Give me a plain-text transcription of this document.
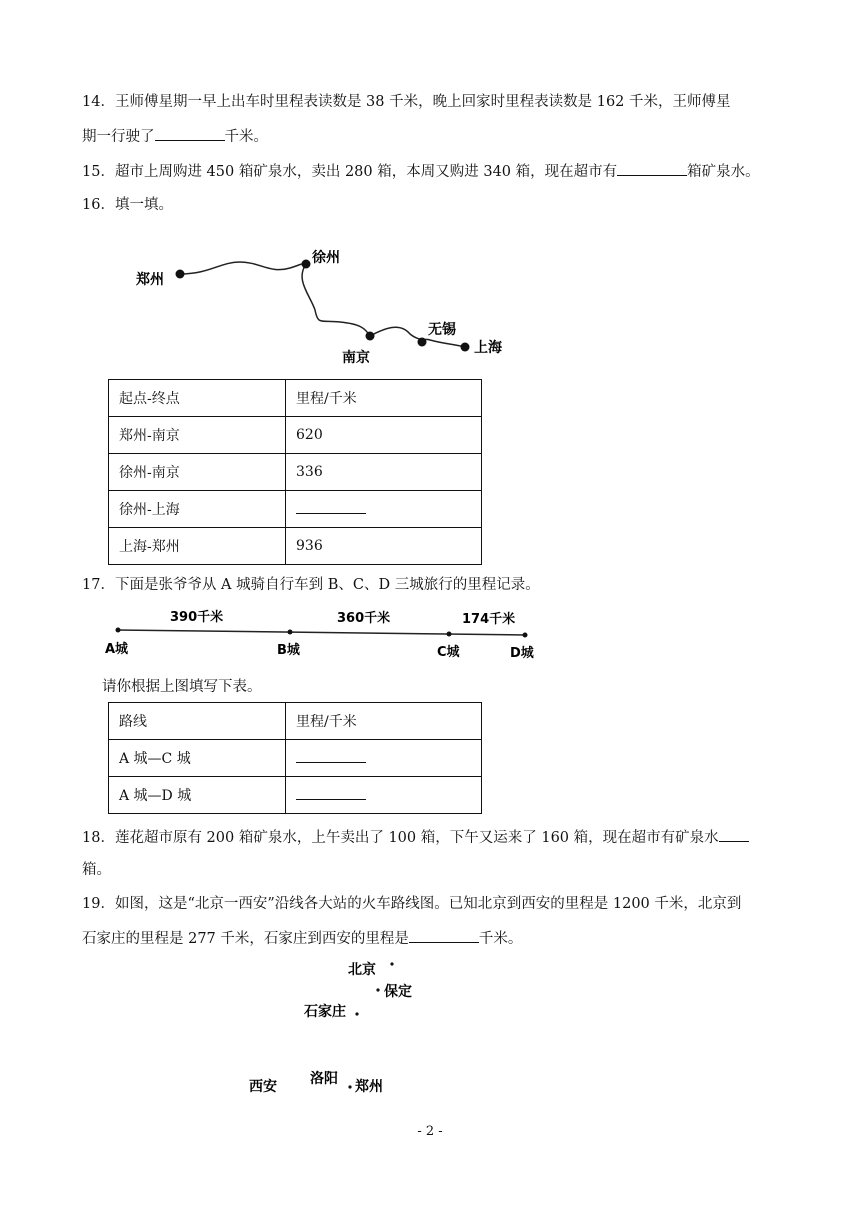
14．王师傅星期一早上出车时里程表读数是 38 千米，晚上回家时里程表读数是 162 千米，王师傅星
期一行驶了	千米。
15．超市上周购进 450 箱矿泉水，卖出 280 箱，本周又购进 340 箱，现在超市有	箱矿泉水。
16．填一填。
郑州
徐州
南京
无锡
上海
起点-终点	里程/千米
郑州-南京	620
徐州-南京	336
徐州-上海	
上海-郑州	936
17．下面是张爷爷从 A 城骑自行车到 B、C、D 三城旅行的里程记录。
390千米	360千米	174千米
A城	B城	C城	D城
请你根据上图填写下表。
路线	里程/千米
A 城—C 城	
A 城—D 城	
18．莲花超市原有 200 箱矿泉水，上午卖出了 100 箱，下午又运来了 160 箱，现在超市有矿泉水
箱。
19．如图，这是“北京一西安”沿线各大站的火车路线图。已知北京到西安的里程是 1200 千米，北京到
石家庄的里程是 277 千米，石家庄到西安的里程是	千米。
北京
保定
石家庄
西安 洛阳 郑州
- 2 -
